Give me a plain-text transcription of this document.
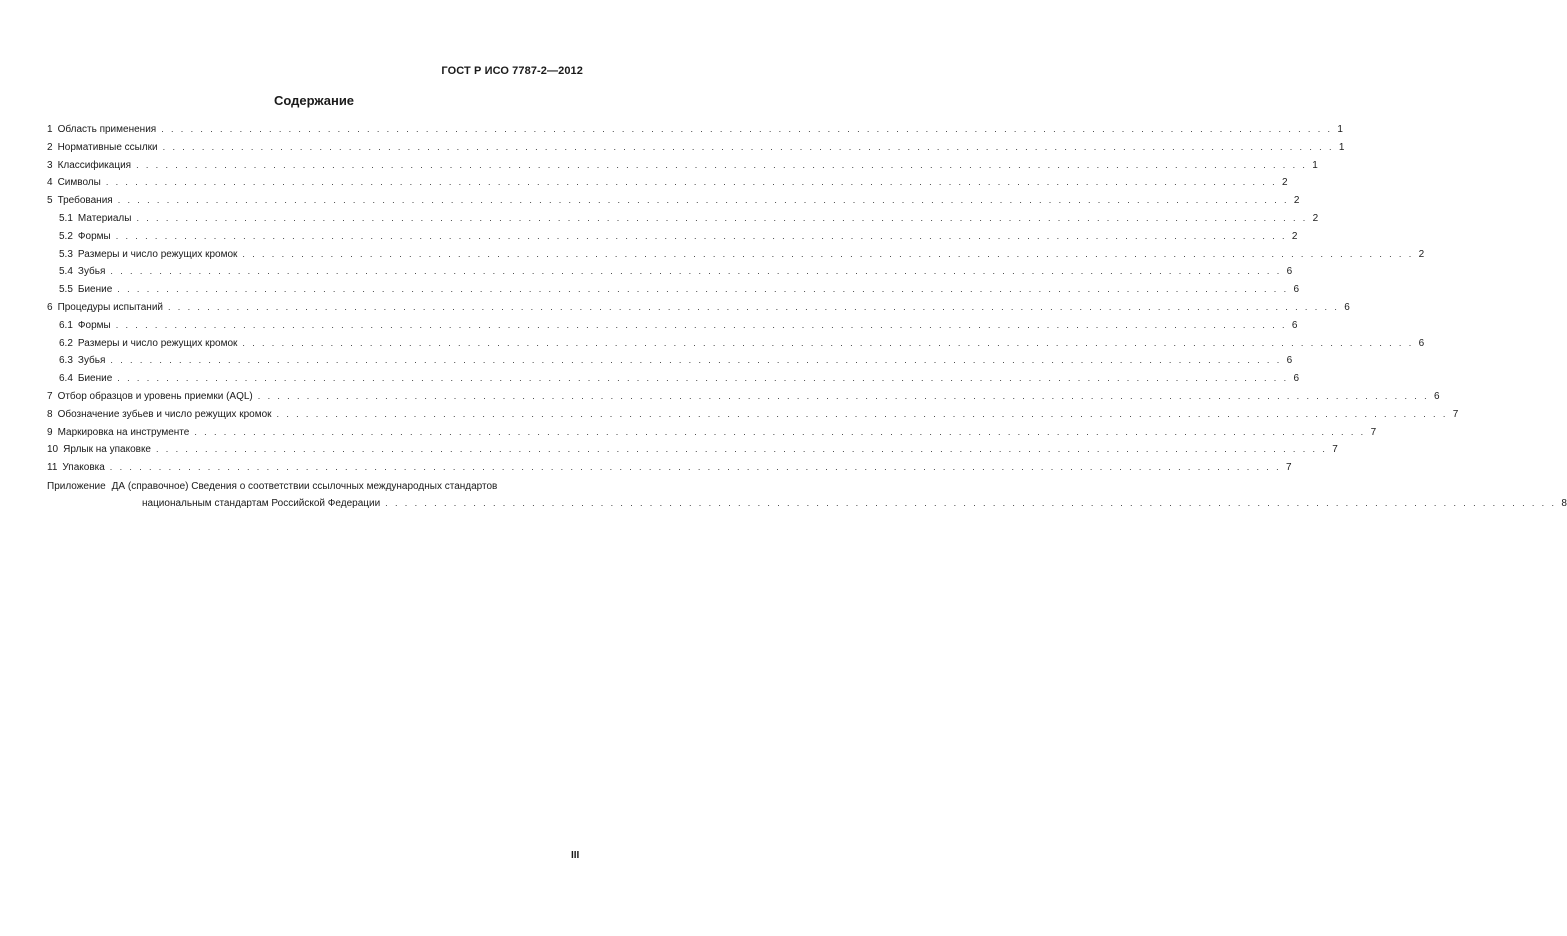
ГОСТ Р ИСО 7787-2—2012
Содержание
1 Область применения . . . . . . . . . . . . . . . . . . . . . . . . . . . . . . . . . . . . . . . . . . . . . . . . . . . . . . . . . . . . . . . . . . . . . . . . . . . . . . . . . . . . . . . . . . . . . . . . . . . . . . . . . . . . . . . . . . . . . . . . 1
2 Нормативные ссылки . . . . . . . . . . . . . . . . . . . . . . . . . . . . . . . . . . . . . . . . . . . . . . . . . . . . . . . . . . . . . . . . . . . . . . . . . . . . . . . . . . . . . . . . . . . . . . . . . . . . . . . . . . . . . . . . . . . . . . . . 1
3 Классификация . . . . . . . . . . . . . . . . . . . . . . . . . . . . . . . . . . . . . . . . . . . . . . . . . . . . . . . . . . . . . . . . . . . . . . . . . . . . . . . . . . . . . . . . . . . . . . . . . . . . . . . . . . . . . . . . . . . . . . . . 1
4 Символы . . . . . . . . . . . . . . . . . . . . . . . . . . . . . . . . . . . . . . . . . . . . . . . . . . . . . . . . . . . . . . . . . . . . . . . . . . . . . . . . . . . . . . . . . . . . . . . . . . . . . . . . . . . . . . . . . . . . . . . . 2
5 Требования . . . . . . . . . . . . . . . . . . . . . . . . . . . . . . . . . . . . . . . . . . . . . . . . . . . . . . . . . . . . . . . . . . . . . . . . . . . . . . . . . . . . . . . . . . . . . . . . . . . . . . . . . . . . . . . . . . . . . . . . 2
5.1 Материалы . . . . . . . . . . . . . . . . . . . . . . . . . . . . . . . . . . . . . . . . . . . . . . . . . . . . . . . . . . . . . . . . . . . . . . . . . . . . . . . . . . . . . . . . . . . . . . . . . . . . . . . . . . . . . . . . . . . . . . . . 2
5.2 Формы . . . . . . . . . . . . . . . . . . . . . . . . . . . . . . . . . . . . . . . . . . . . . . . . . . . . . . . . . . . . . . . . . . . . . . . . . . . . . . . . . . . . . . . . . . . . . . . . . . . . . . . . . . . . . . . . . . . . . . . . 2
5.3 Размеры и число режущих кромок . . . . . . . . . . . . . . . . . . . . . . . . . . . . . . . . . . . . . . . . . . . . . . . . . . . . . . . . . . . . . . . . . . . . . . . . . . . . . . . . . . . . . . . . . . . . . . . . . . . . . . . . . . . . . . . . . . . . . . . . 2
5.4 Зубья . . . . . . . . . . . . . . . . . . . . . . . . . . . . . . . . . . . . . . . . . . . . . . . . . . . . . . . . . . . . . . . . . . . . . . . . . . . . . . . . . . . . . . . . . . . . . . . . . . . . . . . . . . . . . . . . . . . . . . . . 6
5.5 Биение . . . . . . . . . . . . . . . . . . . . . . . . . . . . . . . . . . . . . . . . . . . . . . . . . . . . . . . . . . . . . . . . . . . . . . . . . . . . . . . . . . . . . . . . . . . . . . . . . . . . . . . . . . . . . . . . . . . . . . . . 6
6 Процедуры испытаний . . . . . . . . . . . . . . . . . . . . . . . . . . . . . . . . . . . . . . . . . . . . . . . . . . . . . . . . . . . . . . . . . . . . . . . . . . . . . . . . . . . . . . . . . . . . . . . . . . . . . . . . . . . . . . . . . . . . . . . . 6
6.1 Формы . . . . . . . . . . . . . . . . . . . . . . . . . . . . . . . . . . . . . . . . . . . . . . . . . . . . . . . . . . . . . . . . . . . . . . . . . . . . . . . . . . . . . . . . . . . . . . . . . . . . . . . . . . . . . . . . . . . . . . . . 6
6.2 Размеры и число режущих кромок . . . . . . . . . . . . . . . . . . . . . . . . . . . . . . . . . . . . . . . . . . . . . . . . . . . . . . . . . . . . . . . . . . . . . . . . . . . . . . . . . . . . . . . . . . . . . . . . . . . . . . . . . . . . . . . . . . . . . . . . 6
6.3 Зубья . . . . . . . . . . . . . . . . . . . . . . . . . . . . . . . . . . . . . . . . . . . . . . . . . . . . . . . . . . . . . . . . . . . . . . . . . . . . . . . . . . . . . . . . . . . . . . . . . . . . . . . . . . . . . . . . . . . . . . . . 6
6.4 Биение . . . . . . . . . . . . . . . . . . . . . . . . . . . . . . . . . . . . . . . . . . . . . . . . . . . . . . . . . . . . . . . . . . . . . . . . . . . . . . . . . . . . . . . . . . . . . . . . . . . . . . . . . . . . . . . . . . . . . . . . 6
7 Отбор образцов и уровень приемки (AQL) . . . . . . . . . . . . . . . . . . . . . . . . . . . . . . . . . . . . . . . . . . . . . . . . . . . . . . . . . . . . . . . . . . . . . . . . . . . . . . . . . . . . . . . . . . . . . . . . . . . . . . . . . . . . . . . . . . . . . . . . 6
8 Обозначение зубьев и число режущих кромок . . . . . . . . . . . . . . . . . . . . . . . . . . . . . . . . . . . . . . . . . . . . . . . . . . . . . . . . . . . . . . . . . . . . . . . . . . . . . . . . . . . . . . . . . . . . . . . . . . . . . . . . . . . . . . . . . . . . . . . . 7
9 Маркировка на инструменте . . . . . . . . . . . . . . . . . . . . . . . . . . . . . . . . . . . . . . . . . . . . . . . . . . . . . . . . . . . . . . . . . . . . . . . . . . . . . . . . . . . . . . . . . . . . . . . . . . . . . . . . . . . . . . . . . . . . . . . . 7
10 Ярлык на упаковке . . . . . . . . . . . . . . . . . . . . . . . . . . . . . . . . . . . . . . . . . . . . . . . . . . . . . . . . . . . . . . . . . . . . . . . . . . . . . . . . . . . . . . . . . . . . . . . . . . . . . . . . . . . . . . . . . . . . . . . . 7
11 Упаковка . . . . . . . . . . . . . . . . . . . . . . . . . . . . . . . . . . . . . . . . . . . . . . . . . . . . . . . . . . . . . . . . . . . . . . . . . . . . . . . . . . . . . . . . . . . . . . . . . . . . . . . . . . . . . . . . . . . . . . . . 7
Приложение ДА (справочное) Сведения о соответствии ссылочных международных стандартов
национальным стандартам Российской Федерации . . . . . . . . . . . . . . . . . . . . . . . . . . . . . . . . . . . . . . . . . . . . . . . . . . . . . . . . . . . . . . . . . . . . . . . . . . . . . . . . . . . . . . . . . . . . . . . . . . . . . . . . . . . . . . . . . . . . . . . . 8
III
